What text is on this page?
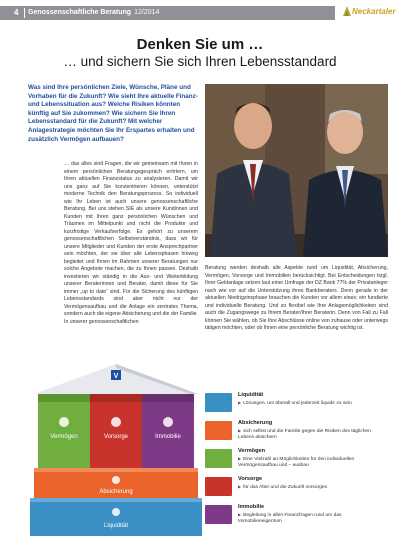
4 Genossenschaftliche Beratung 12/2014	Neckartaler
Denken Sie um …
… und sichern Sie sich Ihren Lebensstandard
Was sind Ihre persönlichen Ziele, Wünsche, Pläne und Vorhaben für die Zukunft? Wie sieht Ihre aktuelle Finanz- und Lebenssituation aus? Welche Risiken könnten künftig auf Sie zukommen? Wie sichern Sie Ihren Lebensstandard für die Zukunft? Mit welcher Anlagestrategie möchten Sie Ihr Erspartes erhalten und zusätzlich Vermögen aufbauen?
… das alles sind Fragen, die wir gemeinsam mit Ihnen in einem persönlichen Beratungsgespräch erörtern, um Ihren aktuellen Finanzstatus zu analysieren. Damit wir uns ganz auf Sie konzentrieren können, unterstützt moderne Technik den Beratungsprozess. So individuell wie Ihr Leben ist auch unsere genossenschaftliche Beratung. Bei uns stehen SIE als unsere Kundinnen und Kunden mit Ihren ganz persönlichen Wünschen und Träumen im Mittelpunkt und nicht die Produkte und kurzfristige Verkaufserfolge. Es gehört zu unserem genossenschaftlichen Selbstverständnis, dass wir für unsere Mitglieder und Kunden der erste Ansprechpartner sein möchten, der sie über alle Lebensphasen hinweg begleitet und Ihnen im Rahmen unserer Beratungen nur solche Angebote machen, die zu Ihnen passen. Deshalb investieren wir ständig in die Aus- und Weiterbildung unserer Beraterinnen und Berater, damit diese für Sie immer „up to date“ sind. Für die Sicherung des künftigen Lebensstandards sind aber nicht nur der Vermögensaufbau und die Anlage ein zentrales Thema, sondern auch die eigene Absicherung und die der Familie. In unserer genossenschaftlichen
Beratung werden deshalb alle Aspekte rund um Liquidität, Absicherung, Vermögen, Vorsorge und Immobilien berücksichtigt. Bei Entscheidungen bzgl. Ihrer Geldanlage setzen laut einer Umfrage der DZ Bank 77% der Privatanleger nach wie vor auf die Unterstützung ihres Bankberaters. Denn gerade in der aktuellen Niedrigzinsphase brauchen die Kunden vor allem eines: ein fundierte und individuelle Beratung. Und so flexibel wie Ihre Anlagemöglichkeiten sind auch die Zugangswege zu Ihrem Berater/Ihrer Beraterin. Denn von Fall zu Fall können Sie wählen, ob Sie Ihre Abschlüsse online von zuhause oder unterwegs tätigen möchten, oder ob Ihnen eine persönliche Beratung wichtig ist.
V
Vermögen	Vorsorge	Immobilie
Absicherung
Liquidität
Liquidität
▶ Lösungen, um überall und jederzeit liquide zu sein
Absicherung
▶ sich selbst und die Familie gegen die Risiken des täglichen Lebens absichern
Vermögen
▶ Eine Vielzahl an Möglichkeiten für den individuellen Vermögensaufbau und – ausbau
Vorsorge
▶ für das Alter und die Zukunft vorsorgen
Immobilie
▶ Begleitung in allen Finanzfragen rund um das Immobilieneigentum
